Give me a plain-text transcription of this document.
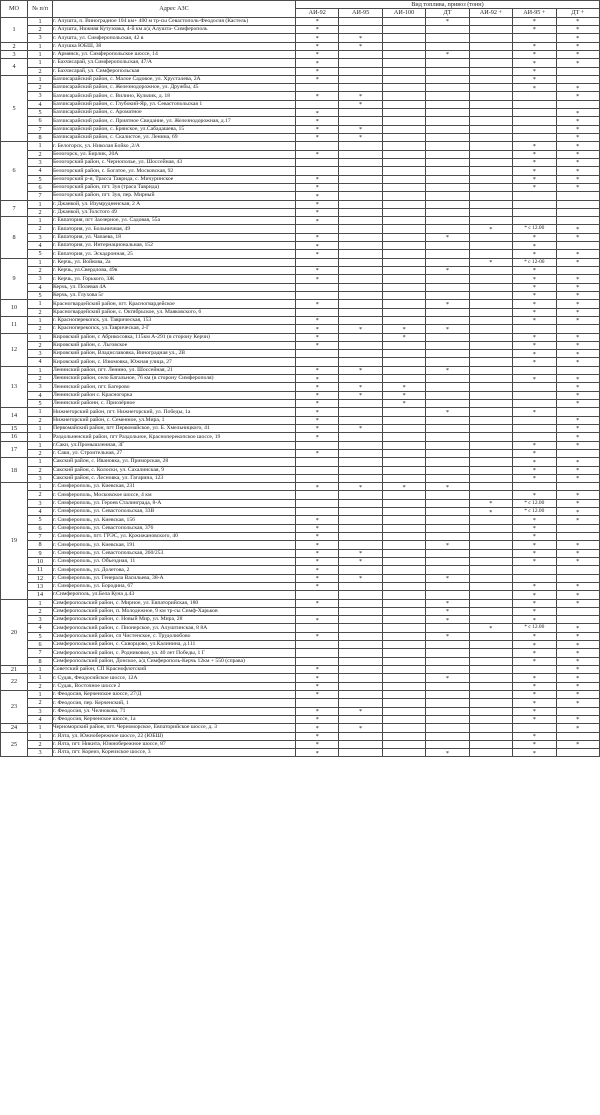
МО	№ п/п	Адрес АЗС	Вид топлива, привоз (тонн)						
			АИ-92	АИ-95	АИ-100	ДТ	АИ-92 +	АИ-95 +	ДТ +
1	1	г. Алушта, п. Виноградное 104 км+ 400 м тр-сы Севастополь-Феодосия (Кастель)	*			*		*	*
	2	г. Алушта, Нижняя Кутузовка, 4-й км а/д Алушта- Симферополь	*					*	*
	3	г. Алушта, ул. Симферопольская, 42 в	*	*					*
2	1	г. Алушка ЮБШ, 38	*	*				*	*
3	1	г. Армянск, ул. Симферопольское шоссе, 14	*			*		*	*
4	1	г. Бахчисарай, ул.Симферопольская, 47/А	*					*	*
	2	г. Бахчисарай, ул. Симферопольская	*					*	
5	1	Бахчисарайский район, с. Малое Садовое, ул. Хрусталева, 2А	*					*	
	2	Бахчисарайский район, с. Железнодорожное, ул. Дружбы, 45						*	*
	3	Бахчисарайский район, с. Вилино, Кульчик, д. 18	*	*					*
	4	Бахчисарайский район, с. Глубокий-Яр, ул. Севастопольская 1		*					
	5	Бахчисарайский район, с. Ароматное	*						*
	6	Бахчисарайский район, с. Приятное Свидание, ул. Железнодорожная, д.17	*						*
	7	Бахчисарайский район, с. Брянское, ул.Сабадашева, 15	*	*					*
	8	Бахчисарайский район, с. Скалистое, ул. Ленина, 69	*	*					*
6	1	г. Белогорск, ул. Николая Бойко ,2/А						*	*
	2	Белогорск, ул. Бирлик, 20А	*					*	*
	3	Белогорский район, с. Чернополье, ул. Шоссейная, 43						*	*
	4	Белогорский район, с. Богатое, ул. Московская, 92						*	*
	5	Белогорский р-н, Трасса Таврида, с. Мичуринское	*					*	*
	6	Белогорский район, пгт. Зуя (траса Таврида)	*					*	*
	7	Белогорский район, пгт. Зуя, пер. Мирный	*						
7	1	г. Джанкой, ул. Изумрудненская, 2 А	*						
	2	г. Джанкой, ул.Толстого 49	*						
8	1	г. Евпатория, пгт Заозерное, ул. Садовая, 55а	*						
	2	г. Евпатория, ул. Больничная, 49					*	* с 12.00	*
	3	г. Евпатория, ул. Чапаева, 18	*			*		*	*
	4	г. Евпатория, ул. Интернациональная, 152	*					*	
	5	г. Евпатория, ул. Эскадронная, 25	*					*	*
9	1	г. Керчь, ул. Войкова, 2а					*	* с 12-00	*
	2	г. Керчь, ул.Свердлова, 49в	*			*		*	
	3	г. Керчь, ул. Горького, 3Ж	*					*	*
	4	Керчь, ул. Полевая 4А						*	*
	5	Керчь, ул. Глухова 5г						*	*
10	1	Красногвардейский район, пгт. Красногвардейское	*			*		*	*
	2	Красногвардейский район, с. Октябрьское, ул. Маяковского, 6						*	*
11	1	г. Красноперекопск, ул. Таврическая, 153	*					*	*
	2	г. Красноперекопск, ул.Таврическая, 2-Г	*	*	*	*			
12	1	Кировский район, с Абрикосовка, 115км А-291 (в сторону Керчи)	*		*			*	*
	2	Кировский район, с. Льговское	*					*	*
	3	Кировский район, Владиславовка, Виноградная ул., 2В						*	*
	4	Кировский район, с. Изюмовка, Южная улица, 27						*	*
13	1	Ленинский район, пгт. Ленино, ул. Шоссейная, 21	*	*		*			
	2	Ленинский район, село Батальное, 76 км (в сторону Симферополя)	*					*	*
	3	Ленинский район, пгт. Багерово	*	*	*				*
	4	Ленинский район с. Красногорка	*	*	*				*
	5	Ленинский районн, с. Приозёрное	*		*				*
14	1	Нижнегорский район, пгт. Нижнегорский, ул. Победы, 1а	*			*		*	
	2	Нижнегорский район, с. Семенное, ул.Мира, 1	*						*
15	1	Первомайский район, пгт Первомайское, ул. Б. Хмельницкого, 41	*	*					*
16	1	Раздольненский район, пгт Раздольное, Красноперекопское шоссе, 19	*						*
17	1	г.Саки, ул.Промышленная, 3Г						*	*
	2	г. Саки, ул. Строительная, 27	*					*	
18	1	Сакский район, с. Ивановка, ул. Приморская, 28						*	*
	2	Сакский район, с. Колоски, ул. Сахалинская, 9						*	*
	3	Сакский район, с. Лесновка, ул. Гагарина, 123						*	*
19	1	г. Симферополь, ул. Киевская, 231	*	*	*	*			
	2	г. Симферополь, Московское шоссе, 4 км						*	*
	3	г. Симферополь, ул. Героев Сталинграда, 8-А					*	* с 12.00	*
	4	г. Симферополь, ул. Севастопольская, 33В					*	* с 12.00	*
	5	г. Симферополь, ул. Киевская, 156	*					*	*
	6	г. Симферополь, ул. Севастопольская, 376	*					*	
	7	г. Симферополь, пгт. ГРЭС, ул. Кржижановского, 40	*					*	
	8	г. Симферополь, ул. Киевская, 191	*			*		*	*
	9	г. Симферополь, ул. Севастопольская, 260/253	*	*				*	*
	10	г. Симферополь, ул. Объездная, 11	*	*				*	*
	11	г. Симферополь, ул. Долетова, 2	*						
	12	г. Симферополь, ул. Генерала Васильева, 38-А	*	*		*			
	13	г. Симферополь, ул. Бородина, 67	*					*	*
	14	г.Симферополь, ул.Бела Куна д.43						*	*
20	1	Симферопольский район, с. Мирное, ул. Евпаторийская, 180	*			*		*	*
	2	Симферопольский район, п. Молодежное, 9 км тр-сы Симф-Харьков				*		*	
	3	Симферопольский район, с. Новый Мир, ул. Мира, 28	*			*		*	
	4	Симферопольский район, с. Пионерское, ул. Алуштинская, 8 8А					*	* с 12.00	*
	5	Симферопольский район, сп Чистенское, с. Трудолюбово	*			*		*	*
	6	Симферопольский район, с. Скворцово, ул.Калинина, д.111						*	*
	7	Симферопольский район, с. Родниковое, ул. 40 лет Победы, 1 Г						*	*
	8	Симферопольский район, Донское, а/д Симферополь-Керчь 12км + 550 (справа)						*	*
21	1	Советский район, СП Краснофлотский	*						*
22	1	г. Судак, Феодосийское шоссе, 12А	*			*		*	*
	2	г. Судак, Восточное шоссе 2	*					*	*
23	1	г. Феодосия, Керченское шоссе, 27/Д	*					*	*
	2	г. Феодосия, пер. Керченский, 1						*	*
	3	г. Феодосия, ул. Челнокова, 71	*	*				*	
	4	г. Феодосия, Керченское шоссе, 1а	*					*	*
24	1	Черноморский район, пгт. Черноморское, Евпаторийское шоссе, д. 3	*	*					*
25	1	г. Ялта, ул. Южнобережное шоссе, 22 (ЮБШ)	*					*	
	2	г. Ялта, пгт. Никита, Южнобережное шоссе, 87	*					*	*
	3	г. Ялта, пгт. Кореиз, Кореизское шоссе, 3	*			*		*	
